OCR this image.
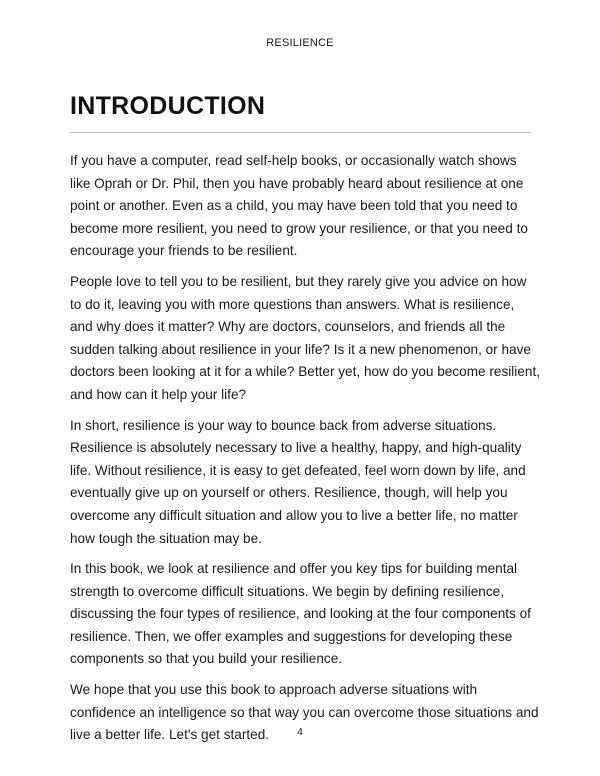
RESILIENCE
INTRODUCTION

If you have a computer, read self-help books, or occasionally watch shows like Oprah or Dr. Phil, then you have probably heard about resilience at one point or another. Even as a child, you may have been told that you need to become more resilient, you need to grow your resilience, or that you need to encourage your friends to be resilient.

People love to tell you to be resilient, but they rarely give you advice on how to do it, leaving you with more questions than answers. What is resilience, and why does it matter? Why are doctors, counselors, and friends all the sudden talking about resilience in your life? Is it a new phenomenon, or have doctors been looking at it for a while? Better yet, how do you become resilient, and how can it help your life?

In short, resilience is your way to bounce back from adverse situations. Resilience is absolutely necessary to live a healthy, happy, and high-quality life. Without resilience, it is easy to get defeated, feel worn down by life, and eventually give up on yourself or others. Resilience, though, will help you overcome any difficult situation and allow you to live a better life, no matter how tough the situation may be.

In this book, we look at resilience and offer you key tips for building mental strength to overcome difficult situations. We begin by defining resilience, discussing the four types of resilience, and looking at the four components of resilience. Then, we offer examples and suggestions for developing these components so that you build your resilience.

We hope that you use this book to approach adverse situations with confidence an intelligence so that way you can overcome those situations and live a better life. Let's get started.	4
